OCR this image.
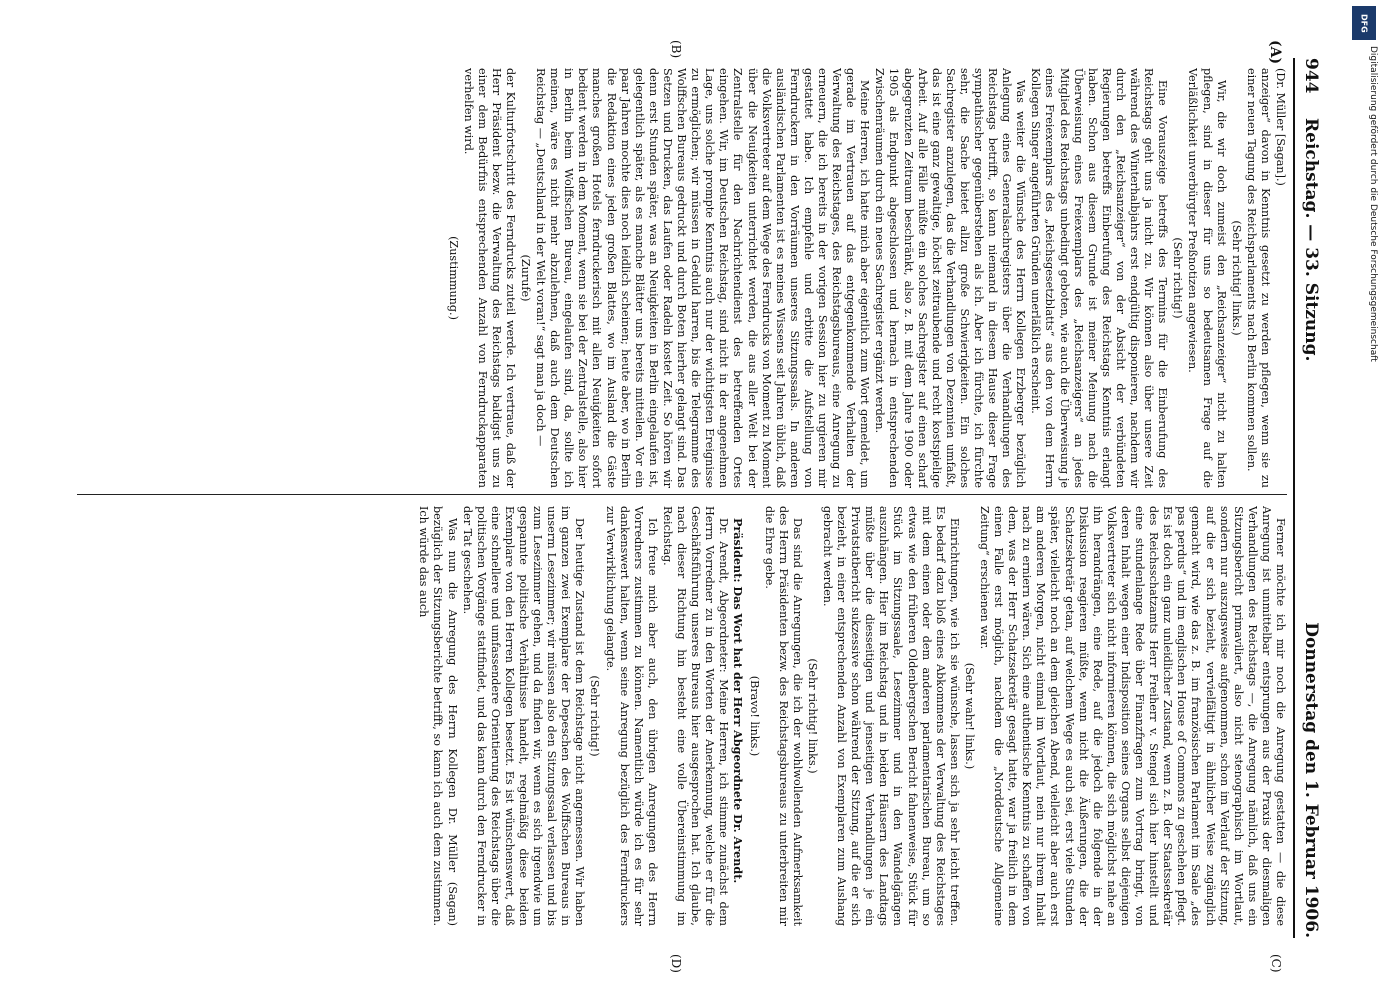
944
Reichstag. — 33. Sitzung.
Donnerstag den 1. Februar 1906.
(A)
(B)
(C)
(D)

(Dr. Müller [Sagan].)

anzeiger“ davon in Kenntnis gesetzt zu werden pflegen, wenn sie zu einer neuen Tagung des Reichsparlaments nach Berlin kommen sollen.

(Sehr richtig! links.)

Wir, die wir doch zumeist den „Reichsanzeiger“ nicht zu halten pflegen, sind in dieser für uns so bedeutsamen Frage auf die Verläßlichkeit unverbürgter Preßnotizen angewiesen.

(Sehr richtig!)

Eine Vorauszeige betreffs des Termins für die Einberufung des Reichstags geht uns ja nicht zu. Wir können also über unsere Zeit während des Winterhalbjahrs erst endgültig disponieren, nachdem wir durch den „Reichsanzeiger“ von der Absicht der verbündeten Regierungen betreffs Einberufung des Reichstags Kenntnis erlangt haben. Schon aus diesem Grunde ist meiner Meinung nach die Überweisung eines Freiexemplars des „Reichsanzeigers“ an jedes Mitglied des Reichstags unbedingt geboten, wie auch die Überweisung je eines Freiexemplars des „Reichsgesetzblatts“ aus den von dem Herrn Kollegen Singer angeführten Gründen unerläßlich erscheint.

Was weiter die Wünsche des Herrn Kollegen Erzberger bezüglich Anlegung eines Generalsachregisters über die Verhandlungen des Reichstags betrifft, so kann niemand in diesem Hause dieser Frage sympathischer gegenüberstehen als ich. Aber ich fürchte, ich fürchte sehr, die Sache bietet allzu große Schwierigkeiten. Ein solches Sachregister anzulegen, das die Verhandlungen von Dezennien umfaßt, das ist eine ganz gewaltige, höchst zeitraubende und recht kostspielige Arbeit. Auf alle Fälle müßte ein solches Sachregister auf einen scharf abgegrenzten Zeitraum beschränkt, also z. B. mit dem Jahre 1900 oder 1905 als Endpunkt abgeschlossen und hernach in entsprechenden Zwischenräumen durch ein neues Sachregister ergänzt werden.

Meine Herren, ich hatte mich aber eigentlich zum Wort gemeldet, um gerade im Vertrauen auf das entgegenkommende Verhalten der Verwaltung des Reichstages, des Reichstagsbureaus, eine Anregung zu erneuern, die ich bereits in der vorigen Session hier zu urgieren mir gestattet habe. Ich empfehle und erbitte die Aufstellung von Ferndruckern in den Vorräumen unseres Sitzungssaals. In anderen ausländischen Parlamenten ist es meines Wissens seit Jahren üblich, daß die Volksvertreter auf dem Wege des Ferndrucks von Moment zu Moment über die Neuigkeiten unterrichtet werden, die aus aller Welt bei der Zentralstelle für den Nachrichtendienst des betreffenden Ortes eingehen. Wir, im Deutschen Reichstag, sind nicht in der angenehmen Lage, uns solche prompte Kenntnis auch nur der wichtigsten Ereignisse zu ermöglichen; wir müssen in Geduld harren, bis die Telegramme des Wolffschen Bureaus gedruckt und durch Boten hierher gelangt sind. Das Setzen und Drucken, das Laufen oder Radeln kostet Zeit. So hören wir denn erst Stunden später, was an Neuigkeiten in Berlin eingelaufen ist, gelegentlich später, als es manche Blätter uns bereits mitteilen. Vor ein paar Jahren mochte dies noch leidlich scheinen; heute aber, wo in Berlin die Redaktion eines jeden großen Blattes, wo im Ausland die Gäste manches großen Hotels ferndruckerisch mit allen Neuigkeiten sofort bedient werden in dem Moment, wenn sie bei der Zentralstelle, also hier in Berlin beim Wolffschen Bureau, eingelaufen sind, da, sollte ich meinen, wäre es nicht mehr abzulehnen, daß auch dem Deutschen Reichstag — „Deutschland in der Welt voran!“ sagt man ja doch —

(Zurufe)

der Kulturfortschritt des Ferndrucks zuteil werde. Ich vertraue, daß der Herr Präsident bezw. die Verwaltung des Reichstags baldigst uns zu einer dem Bedürfnis entsprechenden Anzahl von Ferndruckapparaten verhelfen wird.

(Zustimmung.)

Ferner möchte ich mir noch die Anregung gestatten — die diese Anregung ist unmittelbar entsprungen aus der Praxis der diesmaligen Verhandlungen des Reichstags —, die Anregung nämlich, daß uns ein Sitzungsbericht primaviliert, also nicht stenographisch im Wortlaut, sondern nur auszugsweise aufgenommen, schon im Verlauf der Sitzung, auf die er sich bezieht, vervielfältigt in ähnlicher Weise zugänglich gemacht wird, wie das z. B. im französischen Parlament im Saale „des pas perdus“ und im englischen House of Commons zu geschehen pflegt. Es ist doch ein ganz unleidlicher Zustand, wenn z. B. der Staatssekretär des Reichsschatzamts Herr Freiherr v. Stengel sich hier hinstellt und eine stundenlange Rede über Finanzfragen zum Vortrag bringt, von deren Inhalt wegen einer Indisposition seines Organs selbst diejenigen Volksvertreter sich nicht informieren können, die sich möglichst nahe an ihn herandrängen, eine Rede, auf die jedoch die folgende in der Diskussion reagieren müßte, wenn nicht die Äußerungen, die der Schatzsekretär getan, auf welchem Wege es auch sei, erst viele Stunden später, vielleicht noch an dem gleichen Abend, vielleicht aber auch erst am anderen Morgen, nicht einmal im Wortlaut, nein nur ihrem Inhalt nach zu erniern wären. Sich eine authentische Kenntnis zu schaffen von dem, was der Herr Schatzsekretär gesagt hatte, war ja freilich in dem einen Falle erst möglich, nachdem die „Norddeutsche Allgemeine Zeitung“ erschienen war.

(Sehr wahr! links.)

Einrichtungen, wie ich sie wünsche, lassen sich ja sehr leicht treffen. Es bedarf dazu bloß eines Abkommens der Verwaltung des Reichstages mit dem einen oder dem anderen parlamentarischen Bureau, um so etwas wie den früheren Oldenbergschen Bericht fahnenweise, Stück für Stück im Sitzungssaale, Lesezimmer und in den Wandelgängen auszuhängen. Hier im Reichstag und in beiden Häusern des Landtags müßte über die diesseitigen und jenseitigen Verhandlungen je ein Privatstatbericht sukzessive schon während der Sitzung, auf die er sich bezieht, in einer entsprechenden Anzahl von Exemplaren zum Aushang gebracht werden.

(Sehr richtig! links.)

Das sind die Anregungen, die ich der wohlwollenden Aufmerksamkeit des Herrn Präsidenten bezw. des Reichstagsbureaus zu unterbreiten mir die Ehre gebe.

(Bravo! links.)

Präsident: Das Wort hat der Herr Abgeordnete Dr. Arendt.

Dr. Arendt, Abgeordneter: Meine Herren, ich stimme zunächst dem Herrn Vorredner zu in den Worten der Anerkennung, welche er für die Geschäftsführung unseres Bureaus hier ausgesprochen hat. Ich glaube, nach dieser Richtung hin besteht eine volle Übereinstimmung im Reichstag.

Ich freue mich aber auch, den übrigen Anregungen des Herrn Vorredners zustimmen zu können. Namentlich würde ich es für sehr dankenswert halten, wenn seine Anregung bezüglich des Ferndruckers zur Verwirklichung gelangte.

(Sehr richtig!)

Der heutige Zustand ist dem Reichstage nicht angemessen. Wir haben im ganzen zwei Exemplare der Depeschen des Wolffschen Bureaus in unserm Lesezimmer; wir müssen also den Sitzungssaal verlassen und bis zum Lesezimmer gehen, und da finden wir, wenn es sich irgendwie um gespannte politische Verhältnisse handelt, regelmäßig diese beiden Exemplare von den Herren Kollegen besetzt. Es ist wünschenswert, daß eine schnellere und umfassendere Orientierung des Reichstags über die politischen Vorgänge stattfindet, und das kann durch den Ferndrucker in der Tat geschehen.

Was nun die Anregung des Herrn Kollegen Dr. Müller (Sagan) bezüglich der Sitzungsberichte betrifft, so kann ich auch dem zustimmen. Ich würde das auch

DFG
Digitalisierung gefördert durch die Deutsche Forschungsgemeinschaft
